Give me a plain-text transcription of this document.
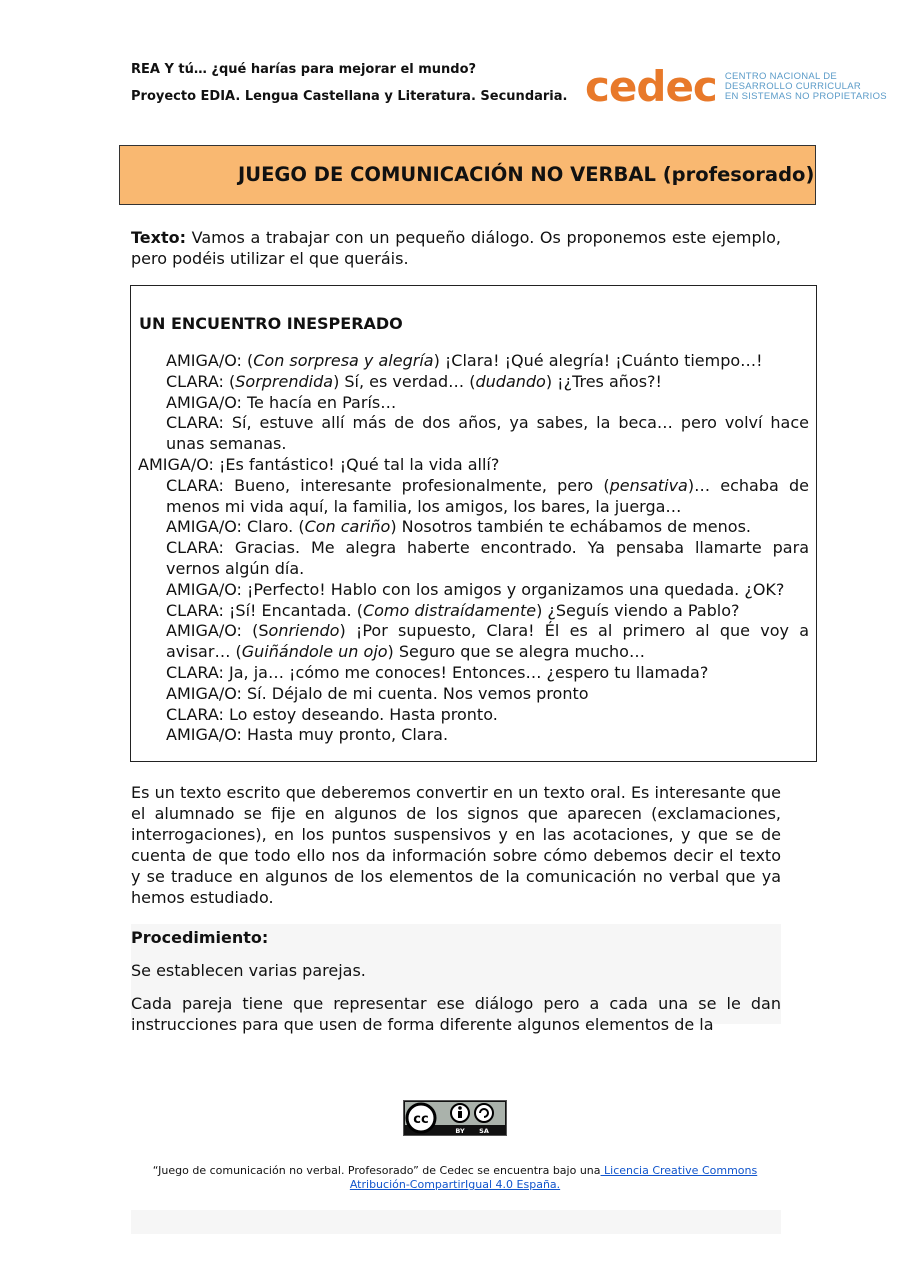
REA Y tú… ¿qué harías para mejorar el mundo?
Proyecto EDIA. Lengua Castellana y Literatura. Secundaria. cedec CENTRO NACIONAL DE
DESARROLLO CURRICULAR
EN SISTEMAS NO PROPIETARIOS
JUEGO DE COMUNICACIÓN NO VERBAL (profesorado)
Texto: Vamos a trabajar con un pequeño diálogo. Os proponemos este ejemplo, pero podéis utilizar el que queráis.
UN ENCUENTRO INESPERADO

AMIGA/O: (Con sorpresa y alegría) ¡Clara! ¡Qué alegría! ¡Cuánto tiempo…!

CLARA: (Sorprendida) Sí, es verdad… (dudando) ¡¿Tres años?!

AMIGA/O: Te hacía en París…

CLARA: Sí, estuve allí más de dos años, ya sabes, la beca… pero volví hace unas semanas.

AMIGA/O: ¡Es fantástico! ¡Qué tal la vida allí?

CLARA: Bueno, interesante profesionalmente, pero (pensativa)… echaba de menos mi vida aquí, la familia, los amigos, los bares, la juerga…

AMIGA/O: Claro. (Con cariño) Nosotros también te echábamos de menos.

CLARA: Gracias. Me alegra haberte encontrado. Ya pensaba llamarte para vernos algún día.

AMIGA/O: ¡Perfecto! Hablo con los amigos y organizamos una quedada. ¿OK?

CLARA: ¡Sí! Encantada. (Como distraídamente) ¿Seguís viendo a Pablo?

AMIGA/O: (Sonriendo) ¡Por supuesto, Clara! Él es al primero al que voy a avisar… (Guiñándole un ojo) Seguro que se alegra mucho…

CLARA: Ja, ja… ¡cómo me conoces! Entonces… ¿espero tu llamada?

AMIGA/O: Sí. Déjalo de mi cuenta. Nos vemos pronto

CLARA: Lo estoy deseando. Hasta pronto.

AMIGA/O: Hasta muy pronto, Clara.

Es un texto escrito que deberemos convertir en un texto oral. Es interesante que el alumnado se fije en algunos de los signos que aparecen (exclamaciones, interrogaciones), en los puntos suspensivos y en las acotaciones, y que se de cuenta de que todo ello nos da información sobre cómo debemos decir el texto y se traduce en algunos de los elementos de la comunicación no verbal que ya hemos estudiado.
Procedimiento:
Se establecen varias parejas.
Cada pareja tiene que representar ese diálogo pero a cada una se le dan instrucciones para que usen de forma diferente algunos elementos de la
cc
BY SA
“Juego de comunicación no verbal. Profesorado” de Cedec se encuentra bajo una Licencia Creative Commons
Atribución-CompartirIgual 4.0 España.
